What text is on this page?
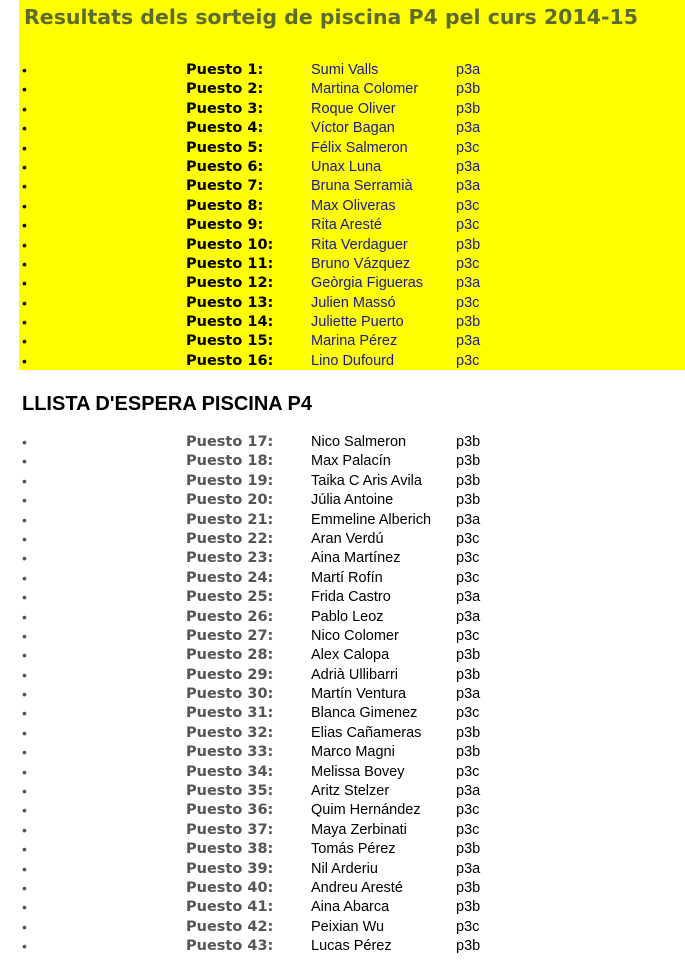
Resultats dels sorteig de piscina P4 pel curs 2014-15
•	Puesto 1:	Sumi Valls	p3a
•	Puesto 2:	Martina Colomer	p3b
•	Puesto 3:	Roque Oliver	p3b
•	Puesto 4:	Víctor Bagan	p3a
•	Puesto 5:	Félix Salmeron	p3c
•	Puesto 6:	Unax Luna	p3a
•	Puesto 7:	Bruna Serramià	p3a
•	Puesto 8:	Max Oliveras	p3c
•	Puesto 9:	Rita Aresté	p3c
•	Puesto 10:	Rita Verdaguer	p3b
•	Puesto 11:	Bruno Vázquez	p3c
•	Puesto 12:	Geòrgia Figueras p3a
•	Puesto 13:	Julien Massó	p3c
•	Puesto 14:	Juliette Puerto	p3b
•	Puesto 15:	Marina Pérez	p3a
•	Puesto 16:	Lino Dufourd	p3c
LLISTA D'ESPERA PISCINA P4
•	Puesto 17:	Nico Salmeron	p3b
•	Puesto 18:	Max Palacín	p3b
•	Puesto 19:	Taika C Aris Avila p3b
•	Puesto 20:	Júlia Antoine	p3b
•	Puesto 21:	Emmeline Alberich p3a
•	Puesto 22:	Aran Verdú	p3c
•	Puesto 23:	Aina Martínez	p3c
•	Puesto 24:	Martí Rofín	p3c
•	Puesto 25:	Frida Castro	p3a
•	Puesto 26:	Pablo Leoz	p3a
•	Puesto 27:	Nico Colomer	p3c
•	Puesto 28:	Alex Calopa	p3b
•	Puesto 29:	Adrià Ullibarri	p3b
•	Puesto 30:	Martín Ventura	p3a
•	Puesto 31:	Blanca Gimenez	p3c
•	Puesto 32:	Elias Cañameras p3b
•	Puesto 33:	Marco Magni	p3b
•	Puesto 34:	Melissa Bovey	p3c
•	Puesto 35:	Aritz Stelzer	p3a
•	Puesto 36:	Quim Hernández p3c
•	Puesto 37:	Maya Zerbinati	p3c
•	Puesto 38:	Tomás Pérez	p3b
•	Puesto 39:	Nil Arderiu	p3a
•	Puesto 40:	Andreu Aresté	p3b
•	Puesto 41:	Aina Abarca	p3b
•	Puesto 42:	Peixian Wu	p3c
•	Puesto 43:	Lucas Pérez	p3b
